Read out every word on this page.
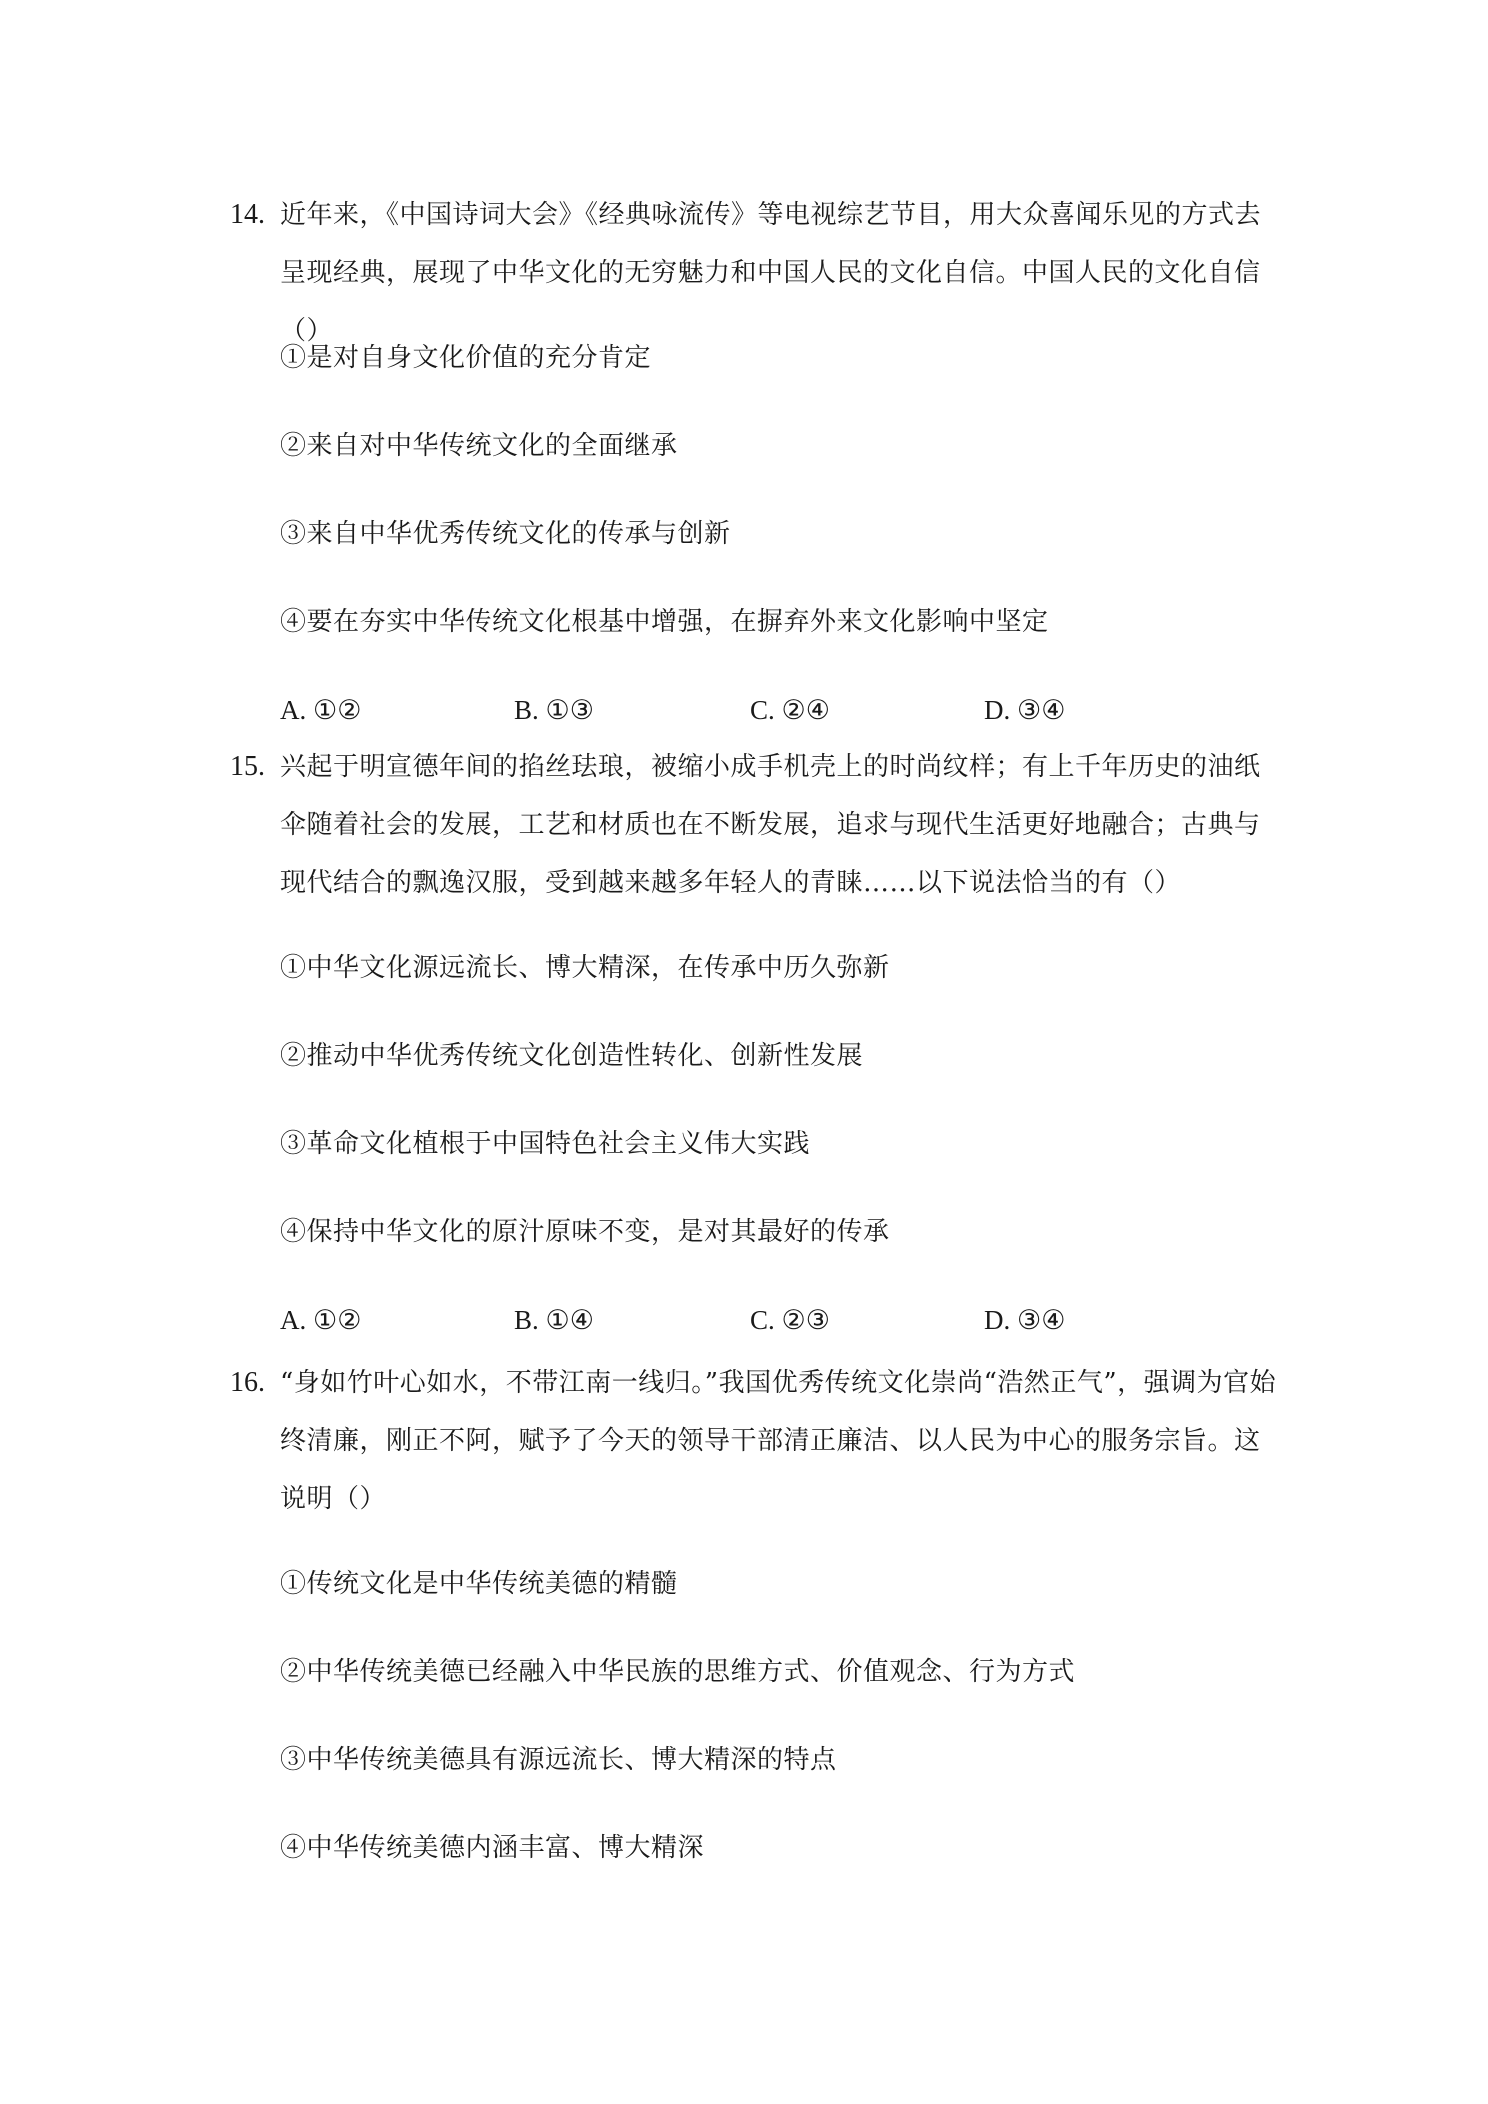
14. 近年来，《中国诗词大会》《经典咏流传》等电视综艺节目，用大众喜闻乐见的方式去呈现经典，展现了中华文化的无穷魅力和中国人民的文化自信。中国人民的文化自信（）
①是对自身文化价值的充分肯定
②来自对中华传统文化的全面继承
③来自中华优秀传统文化的传承与创新
④要在夯实中华传统文化根基中增强，在摒弃外来文化影响中坚定
A. ①②	B. ①③	C. ②④	D. ③④
15. 兴起于明宣德年间的掐丝珐琅，被缩小成手机壳上的时尚纹样；有上千年历史的油纸伞随着社会的发展，工艺和材质也在不断发展，追求与现代生活更好地融合；古典与现代结合的飘逸汉服，受到越来越多年轻人的青睐……以下说法恰当的有（）
①中华文化源远流长、博大精深，在传承中历久弥新
②推动中华优秀传统文化创造性转化、创新性发展
③革命文化植根于中国特色社会主义伟大实践
④保持中华文化的原汁原味不变，是对其最好的传承
A. ①②	B. ①④	C. ②③	D. ③④
16. “身如竹叶心如水，不带江南一线归。”我国优秀传统文化崇尚“浩然正气”，强调为官始终清廉，刚正不阿，赋予了今天的领导干部清正廉洁、以人民为中心的服务宗旨。这说明（）
①传统文化是中华传统美德的精髓
②中华传统美德已经融入中华民族的思维方式、价值观念、行为方式
③中华传统美德具有源远流长、博大精深的特点
④中华传统美德内涵丰富、博大精深
